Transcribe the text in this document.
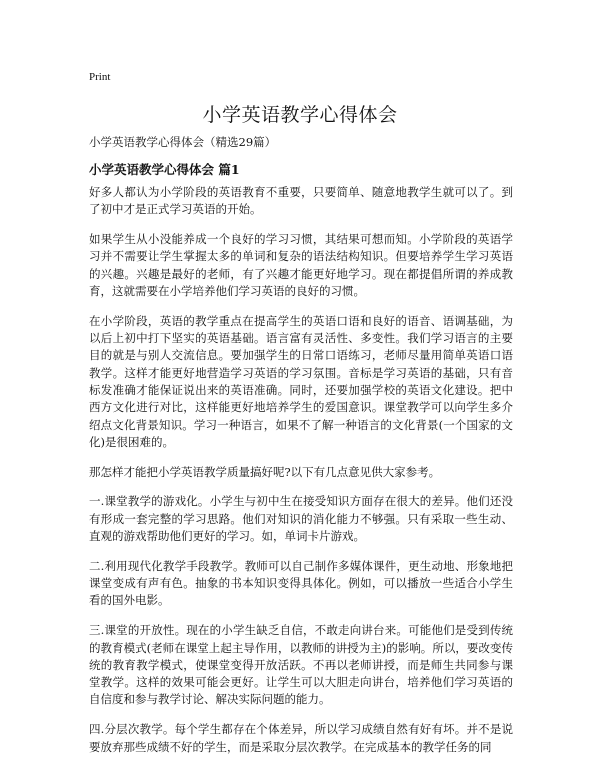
Print
小学英语教学心得体会
小学英语教学心得体会（精选29篇）
小学英语教学心得体会 篇1

好多人都认为小学阶段的英语教育不重要，只要简单、随意地教学生就可以了。到了初中才是正式学习英语的开始。

如果学生从小没能养成一个良好的学习习惯，其结果可想而知。小学阶段的英语学习并不需要让学生掌握太多的单词和复杂的语法结构知识。但要培养学生学习英语的兴趣。兴趣是最好的老师，有了兴趣才能更好地学习。现在都提倡所谓的养成教育，这就需要在小学培养他们学习英语的良好的习惯。

在小学阶段，英语的教学重点在提高学生的英语口语和良好的语音、语调基础，为以后上初中打下坚实的英语基础。语言富有灵活性、多变性。我们学习语言的主要目的就是与别人交流信息。要加强学生的日常口语练习，老师尽量用简单英语口语教学。这样才能更好地营造学习英语的学习氛围。音标是学习英语的基础，只有音标发准确才能保证说出来的英语准确。同时，还要加强学校的英语文化建设。把中西方文化进行对比，这样能更好地培养学生的爱国意识。课堂教学可以向学生多介绍点文化背景知识。学习一种语言，如果不了解一种语言的文化背景(一个国家的文化)是很困难的。

那怎样才能把小学英语教学质量搞好呢?以下有几点意见供大家参考。

一.课堂教学的游戏化。小学生与初中生在接受知识方面存在很大的差异。他们还没有形成一套完整的学习思路。他们对知识的消化能力不够强。只有采取一些生动、直观的游戏帮助他们更好的学习。如，单词卡片游戏。

二.利用现代化教学手段教学。教师可以自己制作多媒体课件，更生动地、形象地把课堂变成有声有色。抽象的书本知识变得具体化。例如，可以播放一些适合小学生看的国外电影。

三.课堂的开放性。现在的小学生缺乏自信，不敢走向讲台来。可能他们是受到传统的教育模式(老师在课堂上起主导作用，以教师的讲授为主)的影响。所以，要改变传统的教育教学模式，使课堂变得开放活跃。不再以老师讲授，而是师生共同参与课堂教学。这样的效果可能会更好。让学生可以大胆走向讲台，培养他们学习英语的自信度和参与教学讨论、解决实际问题的能力。

四.分层次教学。每个学生都存在个体差异，所以学习成绩自然有好有坏。并不是说要放弃那些成绩不好的学生，而是采取分层次教学。在完成基本的教学任务的同
